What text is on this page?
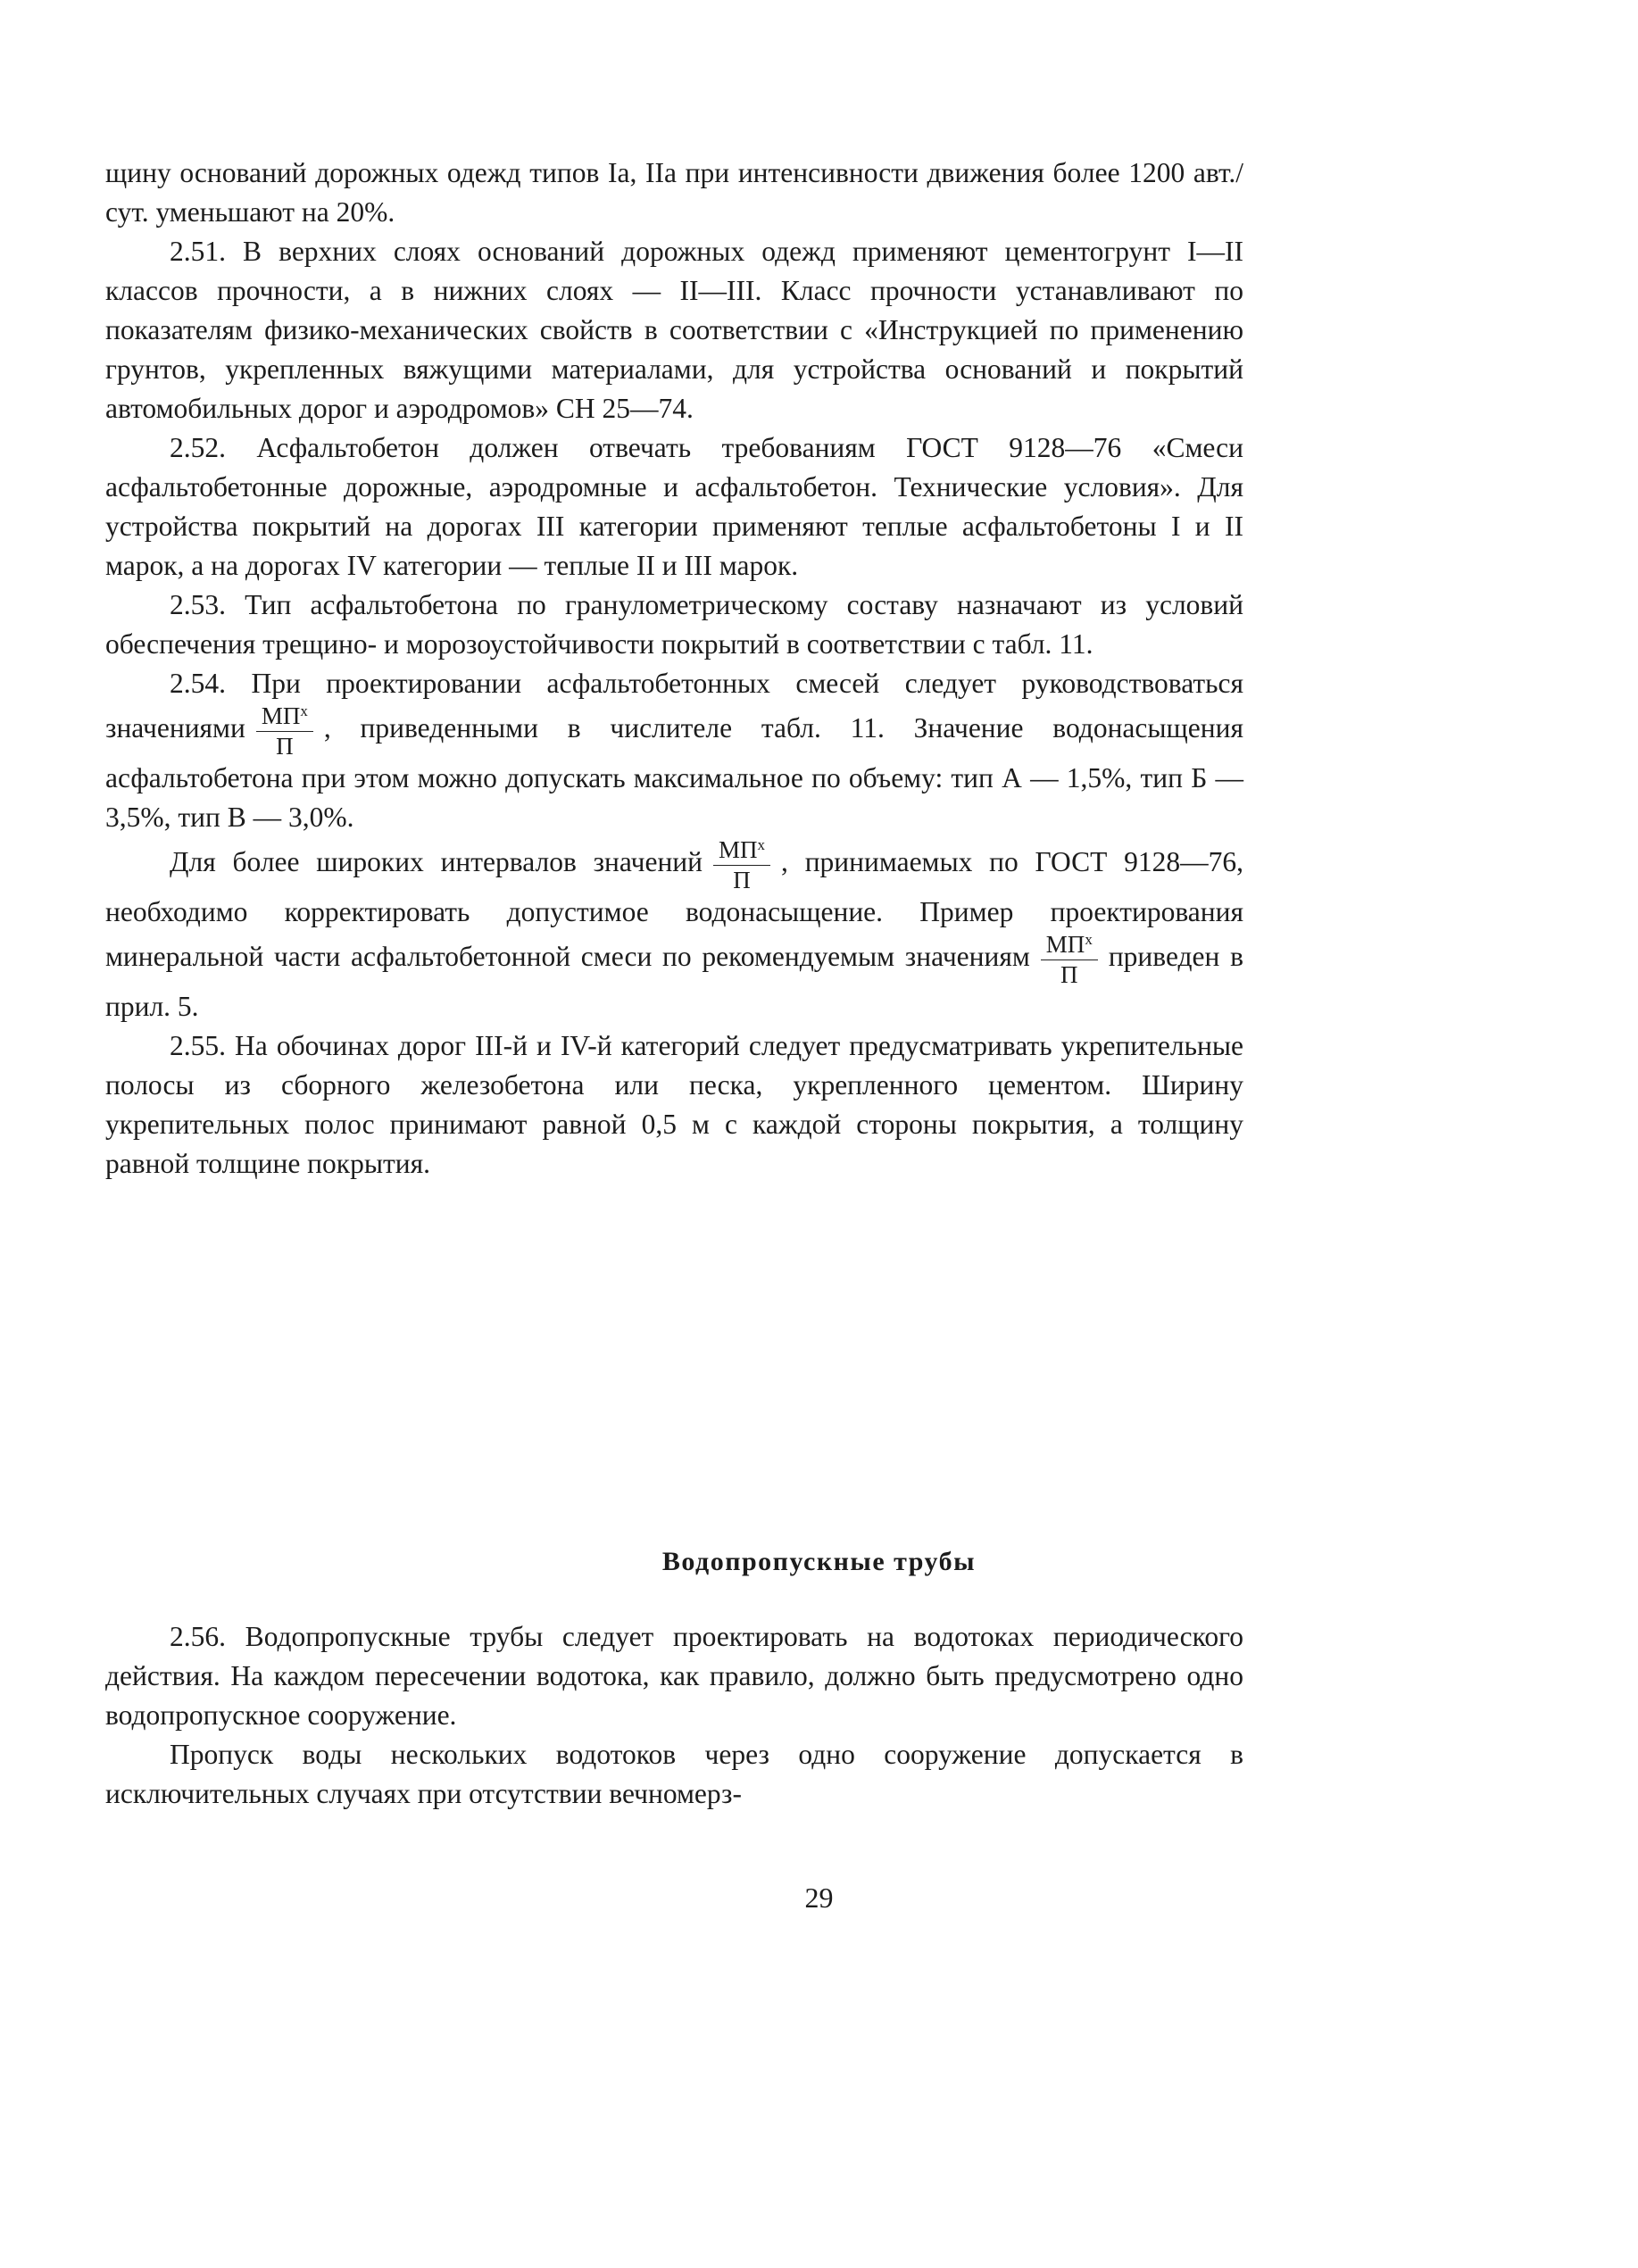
щину оснований дорожных одежд типов Iа, IIа при интенсивности движения более 1200 авт./сут. уменьшают на 20%.

2.51. В верхних слоях оснований дорожных одежд применяют цементогрунт I—II классов прочности, а в нижних слоях — II—III. Класс прочности устанавливают по показателям физико-механических свойств в соответствии с «Инструкцией по применению грунтов, укрепленных вяжущими материалами, для устройства оснований и покрытий автомобильных дорог и аэродромов» СН 25—74.

2.52. Асфальтобетон должен отвечать требованиям ГОСТ 9128—76 «Смеси асфальтобетонные дорожные, аэродромные и асфальтобетон. Технические условия». Для устройства покрытий на дорогах III категории применяют теплые асфальтобетоны I и II марок, а на дорогах IV категории — теплые II и III марок.

2.53. Тип асфальтобетона по гранулометрическому составу назначают из условий обеспечения трещино- и морозоустойчивости покрытий в соответствии с табл. 11.

2.54. При проектировании асфальтобетонных смесей следует руководствоваться значениями $\frac{МП^х}{П}$ , приведенными в числителе табл. 11. Значение водонасыщения асфальтобетона при этом можно допускать максимальное по объему: тип А — 1,5%, тип Б — 3,5%, тип В — 3,0%.

Для более широких интервалов значений $\frac{МП^х}{П}$ , принимаемых по ГОСТ 9128—76, необходимо корректировать допустимое водонасыщение. Пример проектирования минеральной части асфальтобетонной смеси по рекомендуемым значениям $\frac{МП^х}{П}$ приведен в прил. 5.

2.55. На обочинах дорог III-й и IV-й категорий следует предусматривать укрепительные полосы из сборного железобетона или песка, укрепленного цементом. Ширину укрепительных полос принимают равной 0,5 м с каждой стороны покрытия, а толщину равной толщине покрытия.

Водопропускные трубы

2.56. Водопропускные трубы следует проектировать на водотоках периодического действия. На каждом пересечении водотока, как правило, должно быть предусмотрено одно водопропускное сооружение.

Пропуск воды нескольких водотоков через одно сооружение допускается в исключительных случаях при отсутствии вечномерз-

29
